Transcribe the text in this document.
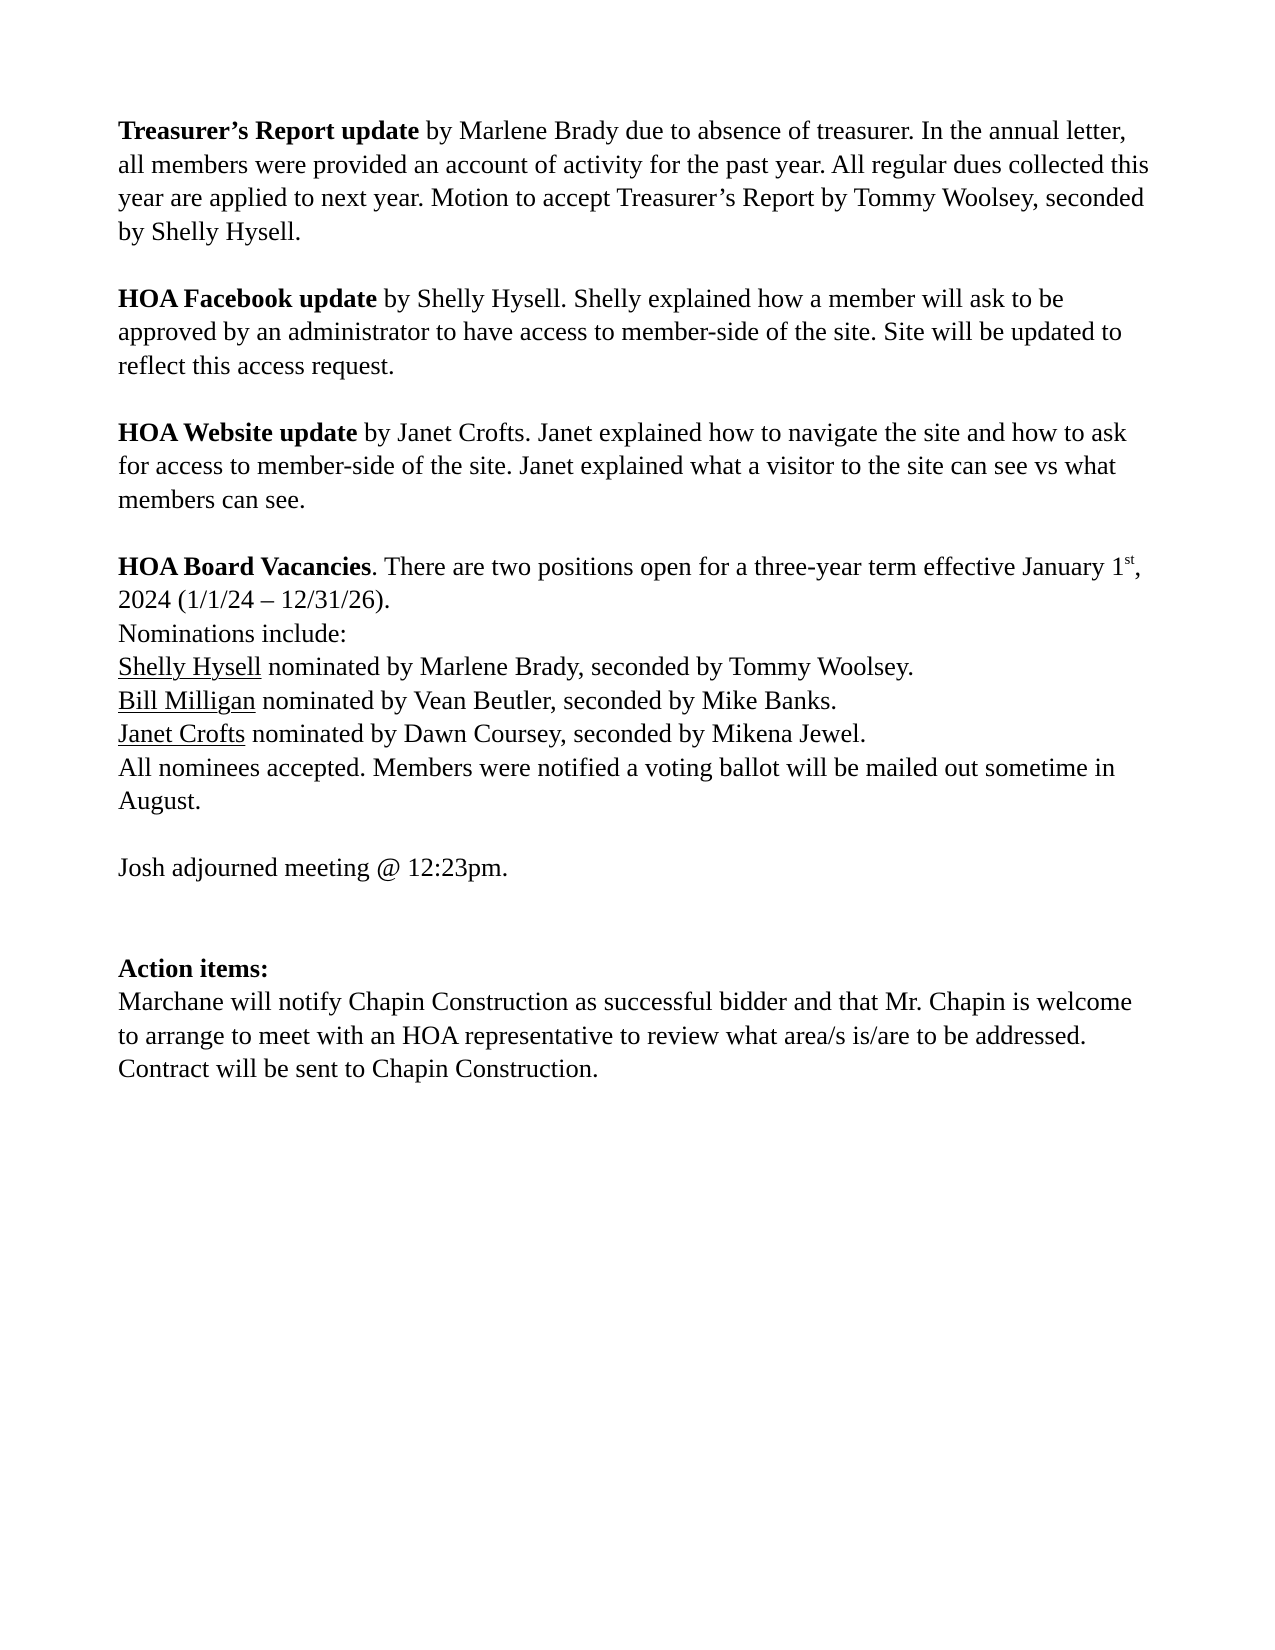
Treasurer’s Report update by Marlene Brady due to absence of treasurer. In the annual letter, all members were provided an account of activity for the past year. All regular dues collected this year are applied to next year. Motion to accept Treasurer’s Report by Tommy Woolsey, seconded by Shelly Hysell.

HOA Facebook update by Shelly Hysell. Shelly explained how a member will ask to be approved by an administrator to have access to member-side of the site. Site will be updated to reflect this access request.

HOA Website update by Janet Crofts. Janet explained how to navigate the site and how to ask for access to member-side of the site. Janet explained what a visitor to the site can see vs what members can see.

HOA Board Vacancies. There are two positions open for a three-year term effective January 1st, 2024 (1/1/24 – 12/31/26).

Nominations include:

Shelly Hysell nominated by Marlene Brady, seconded by Tommy Woolsey.

Bill Milligan nominated by Vean Beutler, seconded by Mike Banks.

Janet Crofts nominated by Dawn Coursey, seconded by Mikena Jewel.

All nominees accepted. Members were notified a voting ballot will be mailed out sometime in August.

Josh adjourned meeting @ 12:23pm.

Action items:

Marchane will notify Chapin Construction as successful bidder and that Mr. Chapin is welcome to arrange to meet with an HOA representative to review what area/s is/are to be addressed. Contract will be sent to Chapin Construction.
